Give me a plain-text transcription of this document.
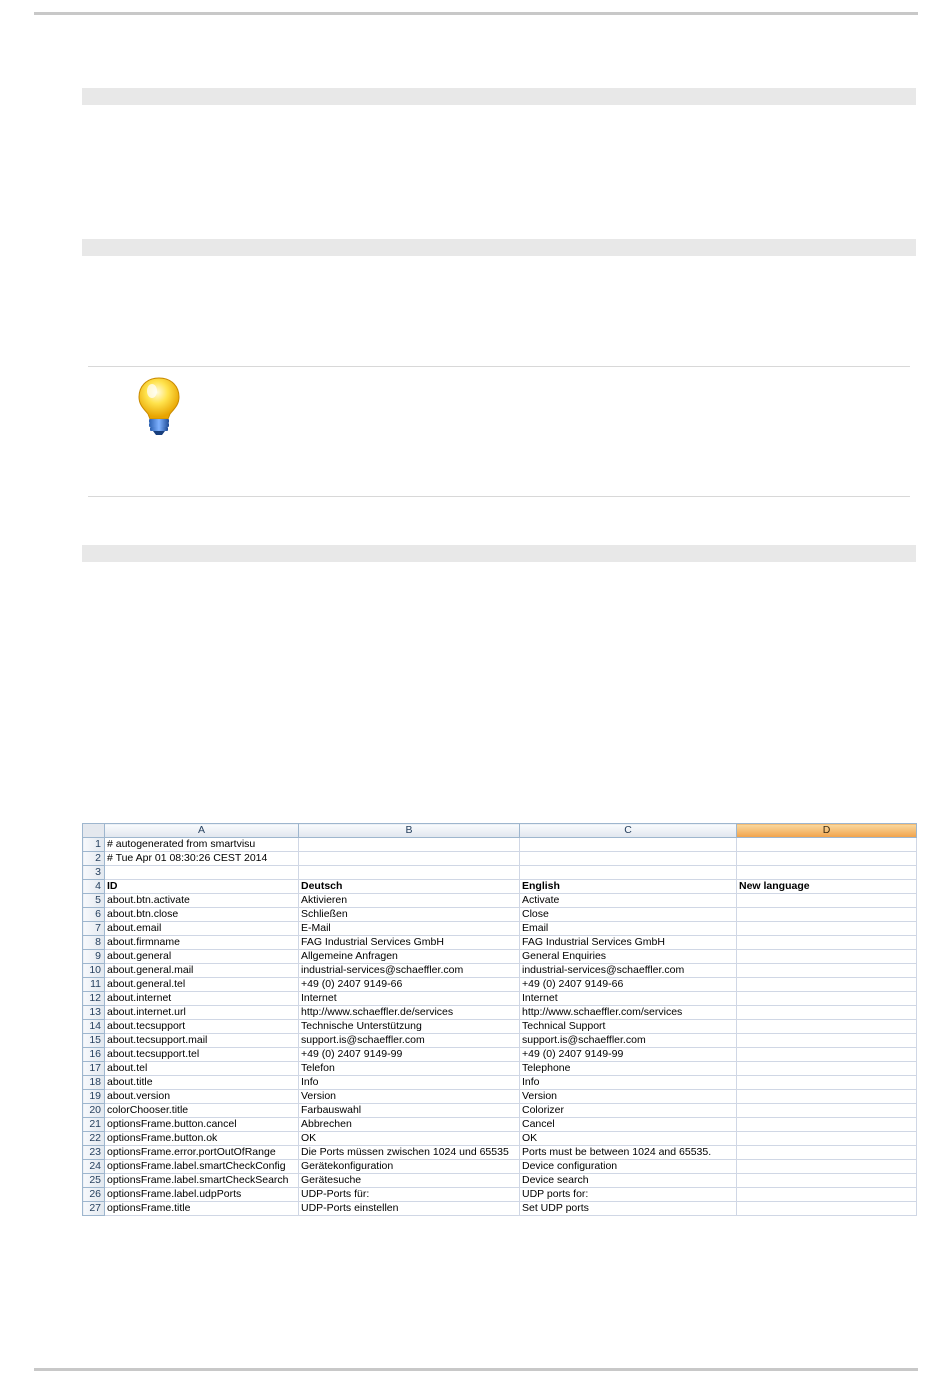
	A	B	C	D
1	# autogenerated from smartvisu			
2	# Tue Apr 01 08:30:26 CEST 2014			
3				
4	ID	Deutsch	English	New language
5	about.btn.activate	Aktivieren	Activate	
6	about.btn.close	Schließen	Close	
7	about.email	E-Mail	Email	
8	about.firmname	FAG Industrial Services GmbH	FAG Industrial Services GmbH	
9	about.general	Allgemeine Anfragen	General Enquiries	
10	about.general.mail	industrial-services@schaeffler.com	industrial-services@schaeffler.com	
11	about.general.tel	+49 (0) 2407 9149-66	+49 (0) 2407 9149-66	
12	about.internet	Internet	Internet	
13	about.internet.url	http://www.schaeffler.de/services	http://www.schaeffler.com/services	
14	about.tecsupport	Technische Unterstützung	Technical Support	
15	about.tecsupport.mail	support.is@schaeffler.com	support.is@schaeffler.com	
16	about.tecsupport.tel	+49 (0) 2407 9149-99	+49 (0) 2407 9149-99	
17	about.tel	Telefon	Telephone	
18	about.title	Info	Info	
19	about.version	Version	Version	
20	colorChooser.title	Farbauswahl	Colorizer	
21	optionsFrame.button.cancel	Abbrechen	Cancel	
22	optionsFrame.button.ok	OK	OK	
23	optionsFrame.error.portOutOfRange	Die Ports müssen zwischen 1024 und 65535	Ports must be between 1024 and 65535.	
24	optionsFrame.label.smartCheckConfig	Gerätekonfiguration	Device configuration	
25	optionsFrame.label.smartCheckSearch	Gerätesuche	Device search	
26	optionsFrame.label.udpPorts	UDP-Ports für:	UDP ports for:	
27	optionsFrame.title	UDP-Ports einstellen	Set UDP ports	
